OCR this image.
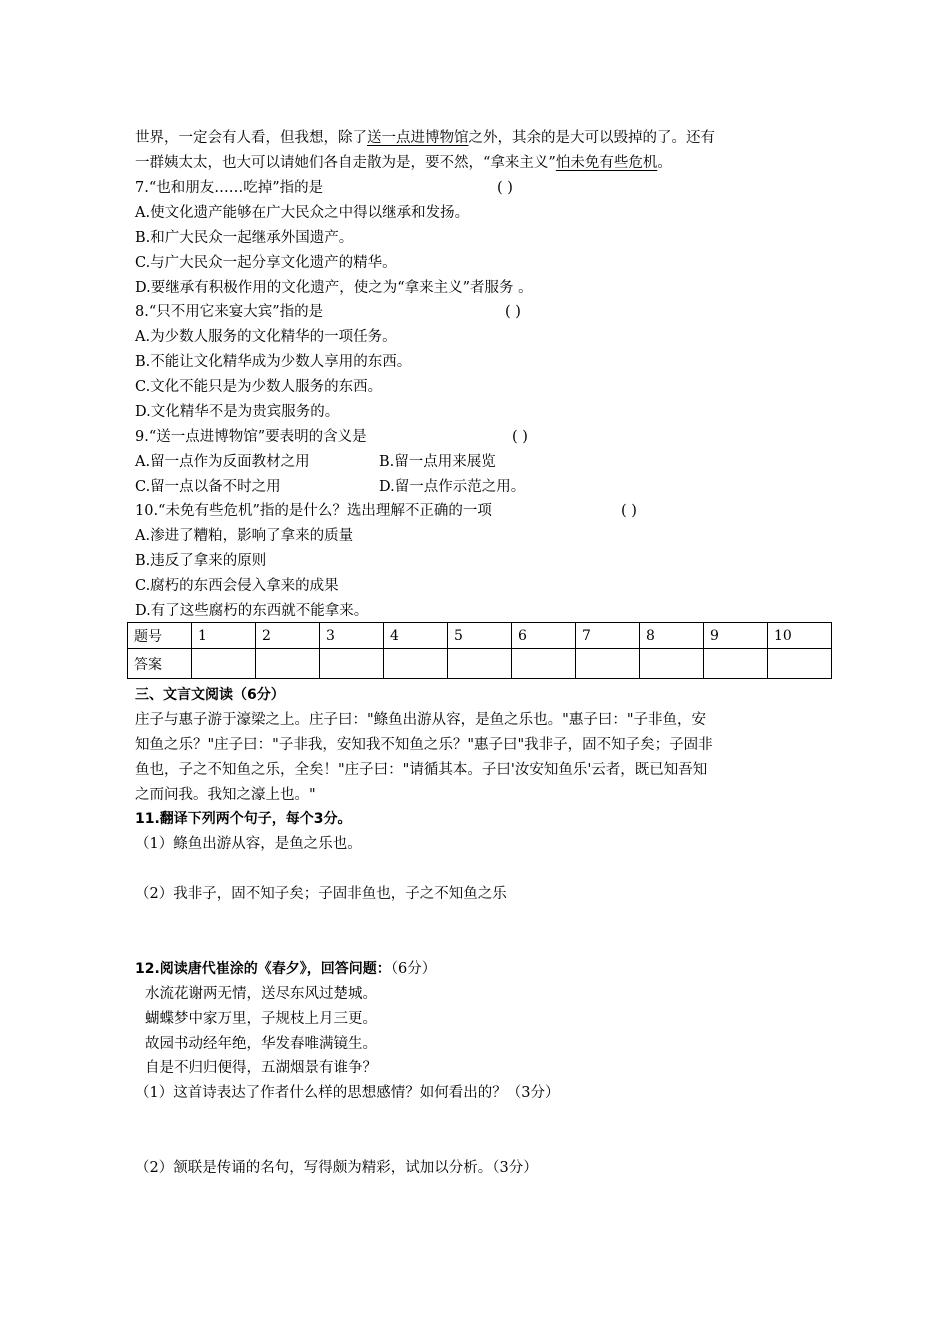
世界，一定会有人看，但我想，除了送一点进博物馆之外，其余的是大可以毁掉的了。还有
一群姨太太，也大可以请她们各自走散为是，要不然，“拿来主义”怕未免有些危机。
7.“也和朋友……吃掉”指的是	( )
A.使文化遗产能够在广大民众之中得以继承和发扬。
B.和广大民众一起继承外国遗产。
C.与广大民众一起分享文化遗产的精华。
D.要继承有积极作用的文化遗产，使之为“拿来主义”者服务 。
8.“只不用它来宴大宾”指的是	( )
A.为少数人服务的文化精华的一项任务。
B.不能让文化精华成为少数人享用的东西。
C.文化不能只是为少数人服务的东西。
D.文化精华不是为贵宾服务的。
9.“送一点进博物馆”要表明的含义是	( )
A.留一点作为反面教材之用	B.留一点用来展览
C.留一点以备不时之用	D.留一点作示范之用。
10.“未免有些危机”指的是什么？选出理解不正确的一项	( )
A.渗进了糟粕，影响了拿来的质量
B.违反了拿来的原则
C.腐朽的东西会侵入拿来的成果
D.有了这些腐朽的东西就不能拿来。
题号	1	2	3	4	5	6	7	8	9	10
答案										
三、文言文阅读（6分）
庄子与惠子游于濠梁之上。庄子曰："鲦鱼出游从容，是鱼之乐也。"惠子曰："子非鱼，安
知鱼之乐？"庄子曰："子非我，安知我不知鱼之乐？"惠子曰"我非子，固不知子矣；子固非
鱼也，子之不知鱼之乐，全矣！"庄子曰："请循其本。子曰'汝安知鱼乐'云者，既已知吾知
之而问我。我知之濠上也。"
11.翻译下列两个句子，每个3分。
（1）鲦鱼出游从容，是鱼之乐也。
（2）我非子，固不知子矣；子固非鱼也，子之不知鱼之乐
12.阅读唐代崔涂的《春夕》，回答问题：（6分）
水流花谢两无情，送尽东风过楚城。
蝴蝶梦中家万里，子规枝上月三更。
故园书动经年绝，华发春唯满镜生。
自是不归归便得，五湖烟景有谁争？
（1）这首诗表达了作者什么样的思想感情？如何看出的？（3分）
（2）颔联是传诵的名句，写得颇为精彩，试加以分析。（3分）
